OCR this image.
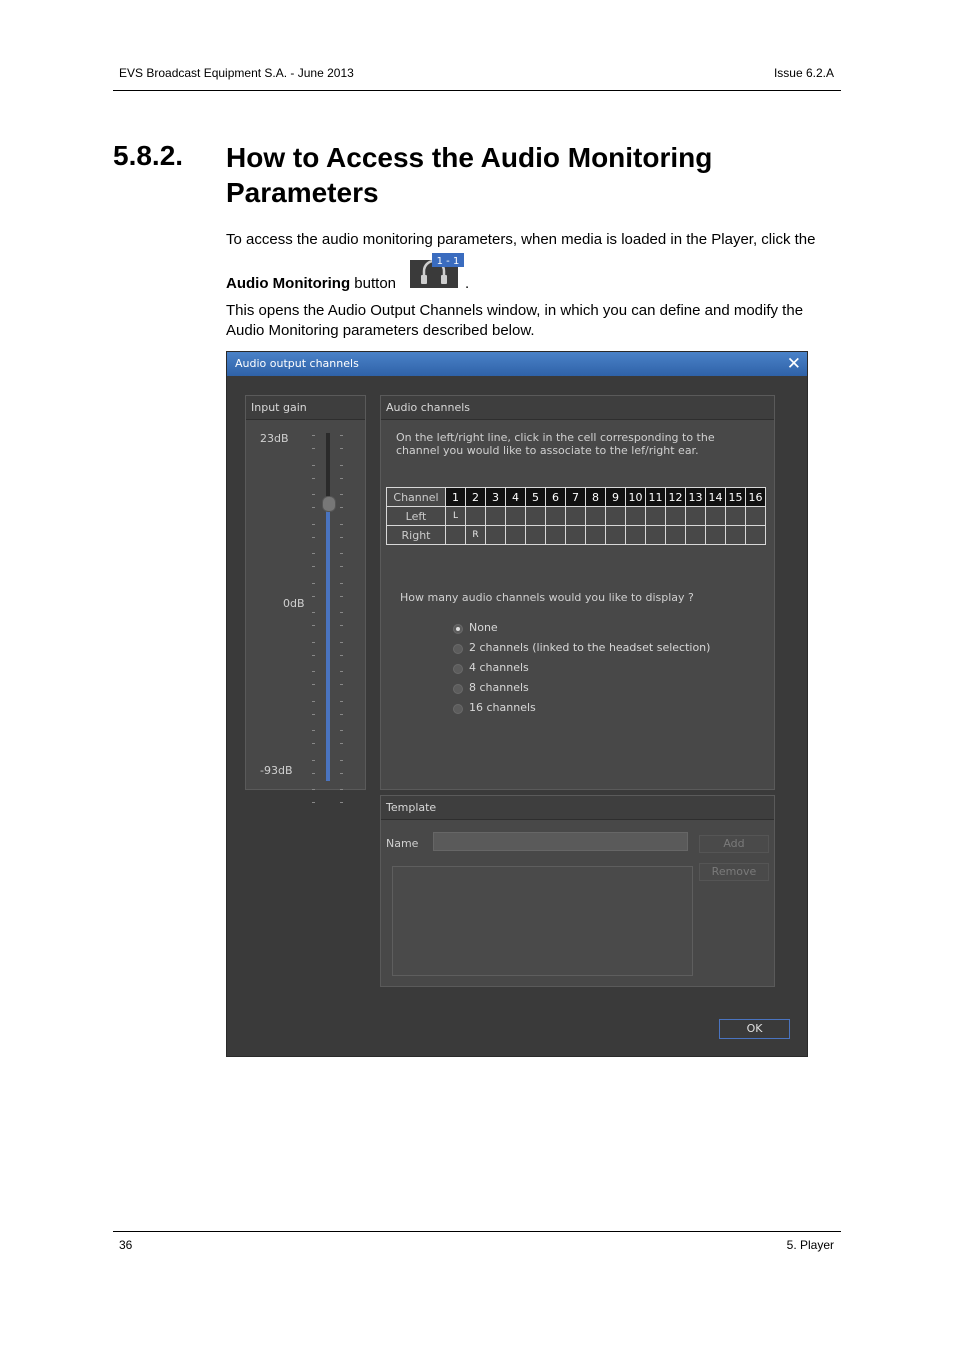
EVS Broadcast Equipment S.A. - June 2013	Issue 6.2.A
5.8.2. How to Access the Audio Monitoring Parameters
To access the audio monitoring parameters, when media is loaded in the Player, click the
Audio Monitoring button
1 - 1
.
This opens the Audio Output Channels window, in which you can define and modify the Audio Monitoring parameters described below.
Audio output channels	✕
Input gain
23dB
0dB
-93dB
Audio channels
On the left/right line, click in the cell corresponding to the channel you would like to associate to the lef/right ear.
Channel	1	2	3	4	5	6	7	8	9	10	11	12	13	14	15	16
Left	L															
Right		R														
How many audio channels would you like to display ?
None
2 channels (linked to the headset selection)
4 channels
8 channels
16 channels
Template
Name	Add
Remove
OK
36	5. Player
